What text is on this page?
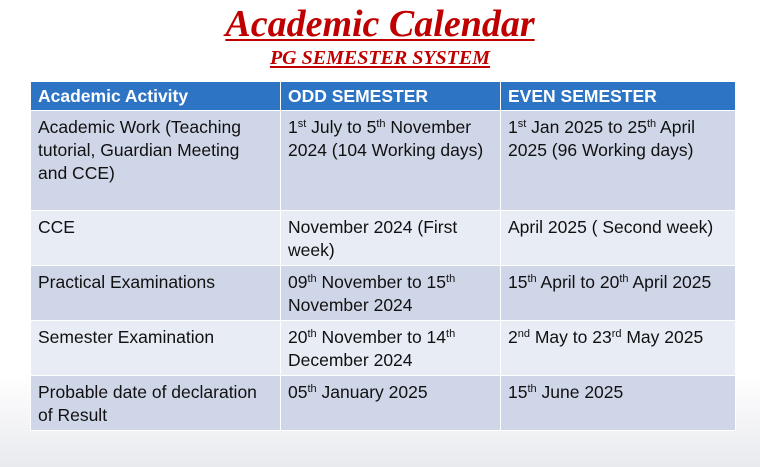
Academic Calendar
PG SEMESTER SYSTEM
Academic Activity	ODD SEMESTER	EVEN SEMESTER
Academic Work (Teaching tutorial, Guardian Meeting and CCE)	1st July to 5th November 2024 (104 Working days)	1st Jan 2025 to 25th April 2025 (96 Working days)
CCE	November 2024 (First week)	April 2025 ( Second week)
Practical Examinations	09th November to 15th November 2024	15th April to 20th April 2025
Semester Examination	20th November to 14th December 2024	2nd May to 23rd May 2025
Probable date of declaration of Result	05th January 2025	15th June 2025
